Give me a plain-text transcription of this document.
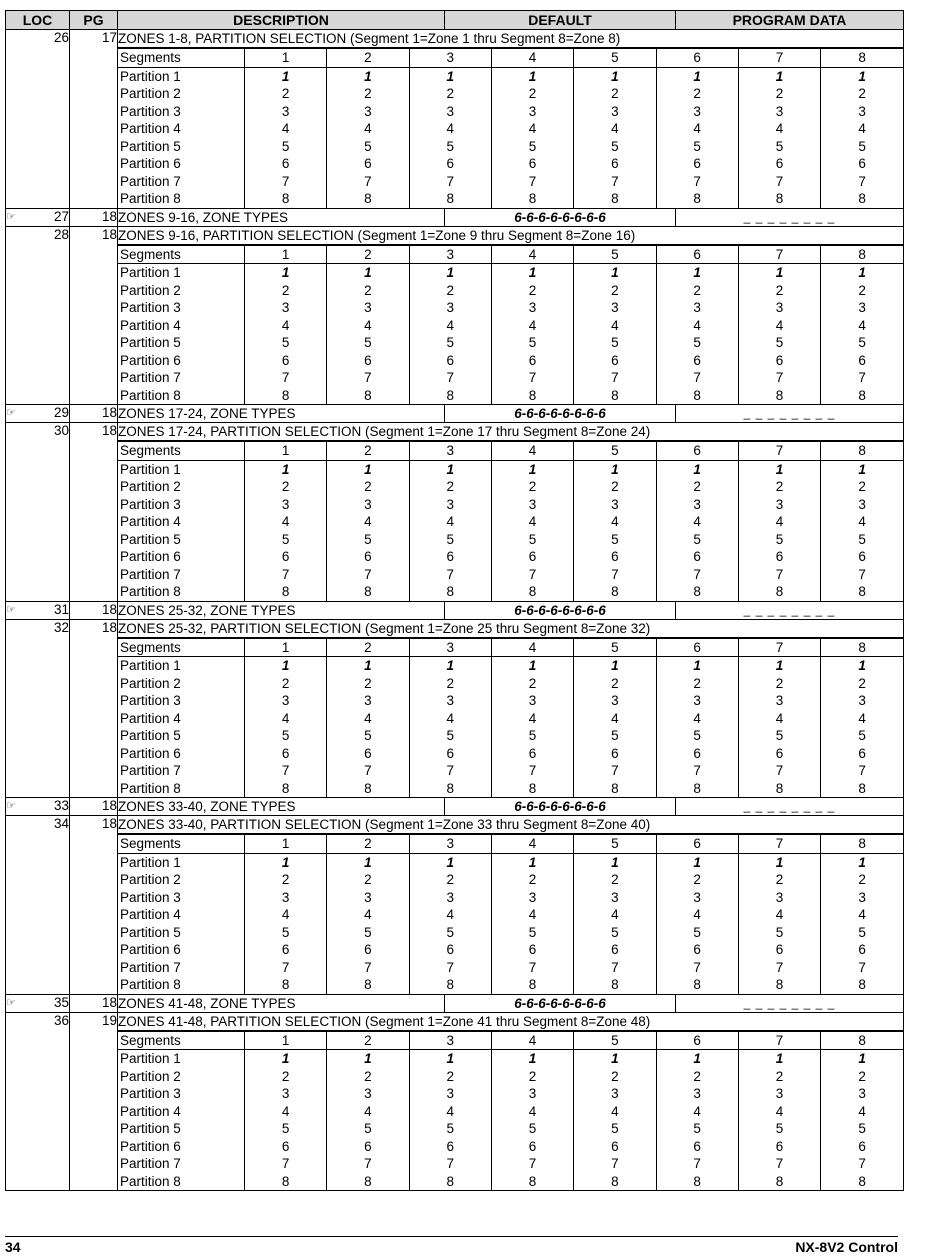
LOC	PG	DESCRIPTION	DEFAULT	PROGRAM DATA
26	17	ZONES 1-8, PARTITION SELECTION (Segment 1=Zone 1 thru Segment 8=Zone 8)

Segments	1	2	3	4	5	6	7	8
Partition 1	1	1	1	1	1	1	1	1
Partition 2	2	2	2	2	2	2	2	2
Partition 3	3	3	3	3	3	3	3	3
Partition 4	4	4	4	4	4	4	4	4
Partition 5	5	5	5	5	5	5	5	5
Partition 6	6	6	6	6	6	6	6	6
Partition 7	7	7	7	7	7	7	7	7
Partition 8	8	8	8	8	8	8	8	8

☞	27	18	ZONES 9-16, ZONE TYPES	6-6-6-6-6-6-6-6	_ _ _ _ _ _ _ _
28	18	ZONES 9-16, PARTITION SELECTION (Segment 1=Zone 9 thru Segment 8=Zone 16)

Segments	1	2	3	4	5	6	7	8
Partition 1	1	1	1	1	1	1	1	1
Partition 2	2	2	2	2	2	2	2	2
Partition 3	3	3	3	3	3	3	3	3
Partition 4	4	4	4	4	4	4	4	4
Partition 5	5	5	5	5	5	5	5	5
Partition 6	6	6	6	6	6	6	6	6
Partition 7	7	7	7	7	7	7	7	7
Partition 8	8	8	8	8	8	8	8	8

☞	29	18	ZONES 17-24, ZONE TYPES	6-6-6-6-6-6-6-6	_ _ _ _ _ _ _ _
30	18	ZONES 17-24, PARTITION SELECTION (Segment 1=Zone 17 thru Segment 8=Zone 24)

Segments	1	2	3	4	5	6	7	8
Partition 1	1	1	1	1	1	1	1	1
Partition 2	2	2	2	2	2	2	2	2
Partition 3	3	3	3	3	3	3	3	3
Partition 4	4	4	4	4	4	4	4	4
Partition 5	5	5	5	5	5	5	5	5
Partition 6	6	6	6	6	6	6	6	6
Partition 7	7	7	7	7	7	7	7	7
Partition 8	8	8	8	8	8	8	8	8

☞	31	18	ZONES 25-32, ZONE TYPES	6-6-6-6-6-6-6-6	_ _ _ _ _ _ _ _
32	18	ZONES 25-32, PARTITION SELECTION (Segment 1=Zone 25 thru Segment 8=Zone 32)

Segments	1	2	3	4	5	6	7	8
Partition 1	1	1	1	1	1	1	1	1
Partition 2	2	2	2	2	2	2	2	2
Partition 3	3	3	3	3	3	3	3	3
Partition 4	4	4	4	4	4	4	4	4
Partition 5	5	5	5	5	5	5	5	5
Partition 6	6	6	6	6	6	6	6	6
Partition 7	7	7	7	7	7	7	7	7
Partition 8	8	8	8	8	8	8	8	8

☞	33	18	ZONES 33-40, ZONE TYPES	6-6-6-6-6-6-6-6	_ _ _ _ _ _ _ _
34	18	ZONES 33-40, PARTITION SELECTION (Segment 1=Zone 33 thru Segment 8=Zone 40)

Segments	1	2	3	4	5	6	7	8
Partition 1	1	1	1	1	1	1	1	1
Partition 2	2	2	2	2	2	2	2	2
Partition 3	3	3	3	3	3	3	3	3
Partition 4	4	4	4	4	4	4	4	4
Partition 5	5	5	5	5	5	5	5	5
Partition 6	6	6	6	6	6	6	6	6
Partition 7	7	7	7	7	7	7	7	7
Partition 8	8	8	8	8	8	8	8	8

☞	35	18	ZONES 41-48, ZONE TYPES	6-6-6-6-6-6-6-6	_ _ _ _ _ _ _ _
36	19	ZONES 41-48, PARTITION SELECTION (Segment 1=Zone 41 thru Segment 8=Zone 48)

Segments	1	2	3	4	5	6	7	8
Partition 1	1	1	1	1	1	1	1	1
Partition 2	2	2	2	2	2	2	2	2
Partition 3	3	3	3	3	3	3	3	3
Partition 4	4	4	4	4	4	4	4	4
Partition 5	5	5	5	5	5	5	5	5
Partition 6	6	6	6	6	6	6	6	6
Partition 7	7	7	7	7	7	7	7	7
Partition 8	8	8	8	8	8	8	8	8
34	NX-8V2 Control
